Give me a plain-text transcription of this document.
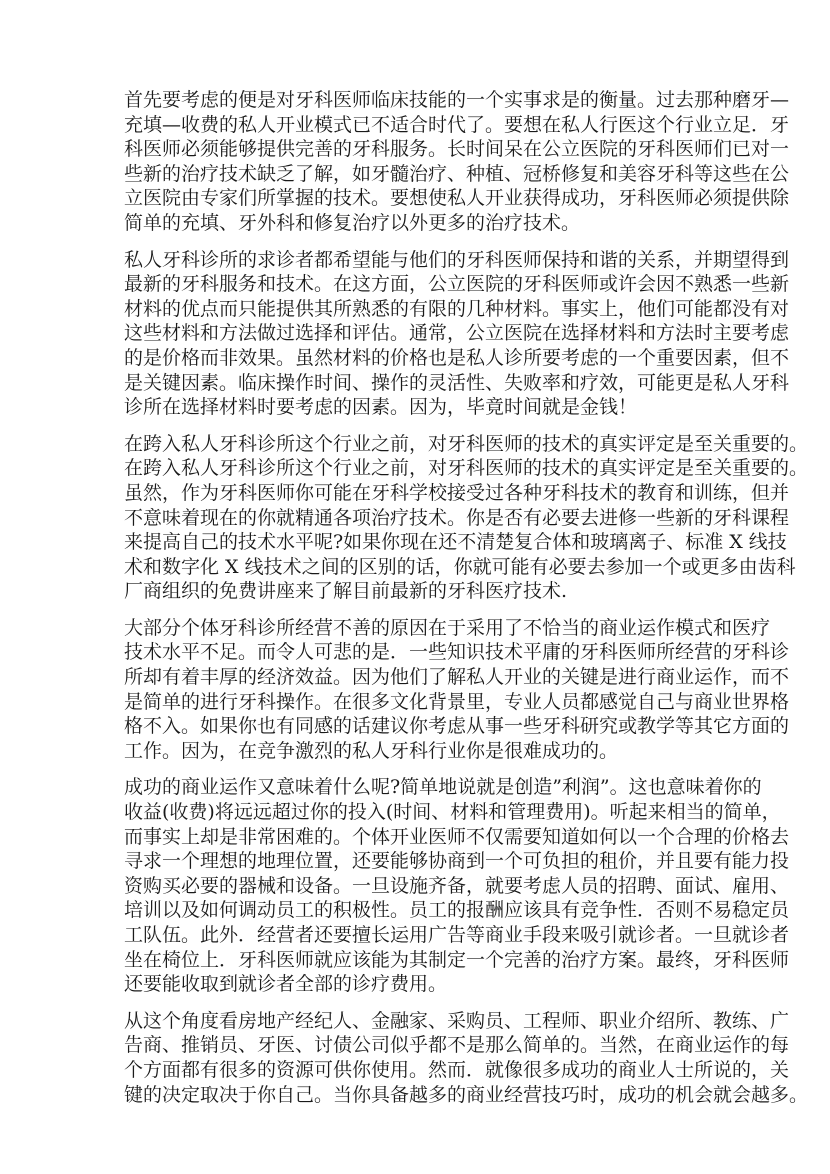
首先要考虑的便是对牙科医师临床技能的一个实事求是的衡量。过去那种磨牙—
充填—收费的私人开业模式已不适合时代了。要想在私人行医这个行业立足．牙
科医师必须能够提供完善的牙科服务。长时间呆在公立医院的牙科医师们已对一
些新的治疗技术缺乏了解，如牙髓治疗、种植、冠桥修复和美容牙科等这些在公
立医院由专家们所掌握的技术。要想使私人开业获得成功，牙科医师必须提供除
简单的充填、牙外科和修复治疗以外更多的治疗技术。
私人牙科诊所的求诊者都希望能与他们的牙科医师保持和谐的关系，并期望得到
最新的牙科服务和技术。在这方面，公立医院的牙科医师或许会因不熟悉一些新
材料的优点而只能提供其所熟悉的有限的几种材料。事实上，他们可能都没有对
这些材料和方法做过选择和评估。通常，公立医院在选择材料和方法时主要考虑
的是价格而非效果。虽然材料的价格也是私人诊所要考虑的一个重要因素，但不
是关键因素。临床操作时间、操作的灵活性、失败率和疗效，可能更是私人牙科
诊所在选择材料时要考虑的因素。因为，毕竟时间就是金钱！
在跨入私人牙科诊所这个行业之前，对牙科医师的技术的真实评定是至关重要的。
在跨入私人牙科诊所这个行业之前，对牙科医师的技术的真实评定是至关重要的。
虽然，作为牙科医师你可能在牙科学校接受过各种牙科技术的教育和训练，但并
不意味着现在的你就精通各项治疗技术。你是否有必要去进修一些新的牙科课程
来提高自己的技术水平呢?如果你现在还不清楚复合体和玻璃离子、标准 X 线技
术和数字化 X 线技术之间的区别的话，你就可能有必要去参加一个或更多由齿科
厂商组织的免费讲座来了解目前最新的牙科医疗技术.
大部分个体牙科诊所经营不善的原因在于采用了不恰当的商业运作模式和医疗
技术水平不足。而令人可悲的是．一些知识技术平庸的牙科医师所经营的牙科诊
所却有着丰厚的经济效益。因为他们了解私人开业的关键是进行商业运作，而不
是简单的进行牙科操作。在很多文化背景里，专业人员都感觉自己与商业世界格
格不入。如果你也有同感的话建议你考虑从事一些牙科研究或教学等其它方面的
工作。因为，在竞争激烈的私人牙科行业你是很难成功的。
成功的商业运作又意味着什么呢?简单地说就是创造”利润”。这也意味着你的
收益(收费)将远远超过你的投入(时间、材料和管理费用)。听起来相当的简单，
而事实上却是非常困难的。个体开业医师不仅需要知道如何以一个合理的价格去
寻求一个理想的地理位置，还要能够协商到一个可负担的租价，并且要有能力投
资购买必要的器械和设备。一旦设施齐备，就要考虑人员的招聘、面试、雇用、
培训以及如何调动员工的积极性。员工的报酬应该具有竞争性．否则不易稳定员
工队伍。此外．经营者还要擅长运用广告等商业手段来吸引就诊者。一旦就诊者
坐在椅位上．牙科医师就应该能为其制定一个完善的治疗方案。最终，牙科医师
还要能收取到就诊者全部的诊疗费用。
从这个角度看房地产经纪人、金融家、采购员、工程师、职业介绍所、教练、广
告商、推销员、牙医、讨债公司似乎都不是那么简单的。当然，在商业运作的每
个方面都有很多的资源可供你使用。然而．就像很多成功的商业人士所说的，关
键的决定取决于你自己。当你具备越多的商业经营技巧时，成功的机会就会越多。
